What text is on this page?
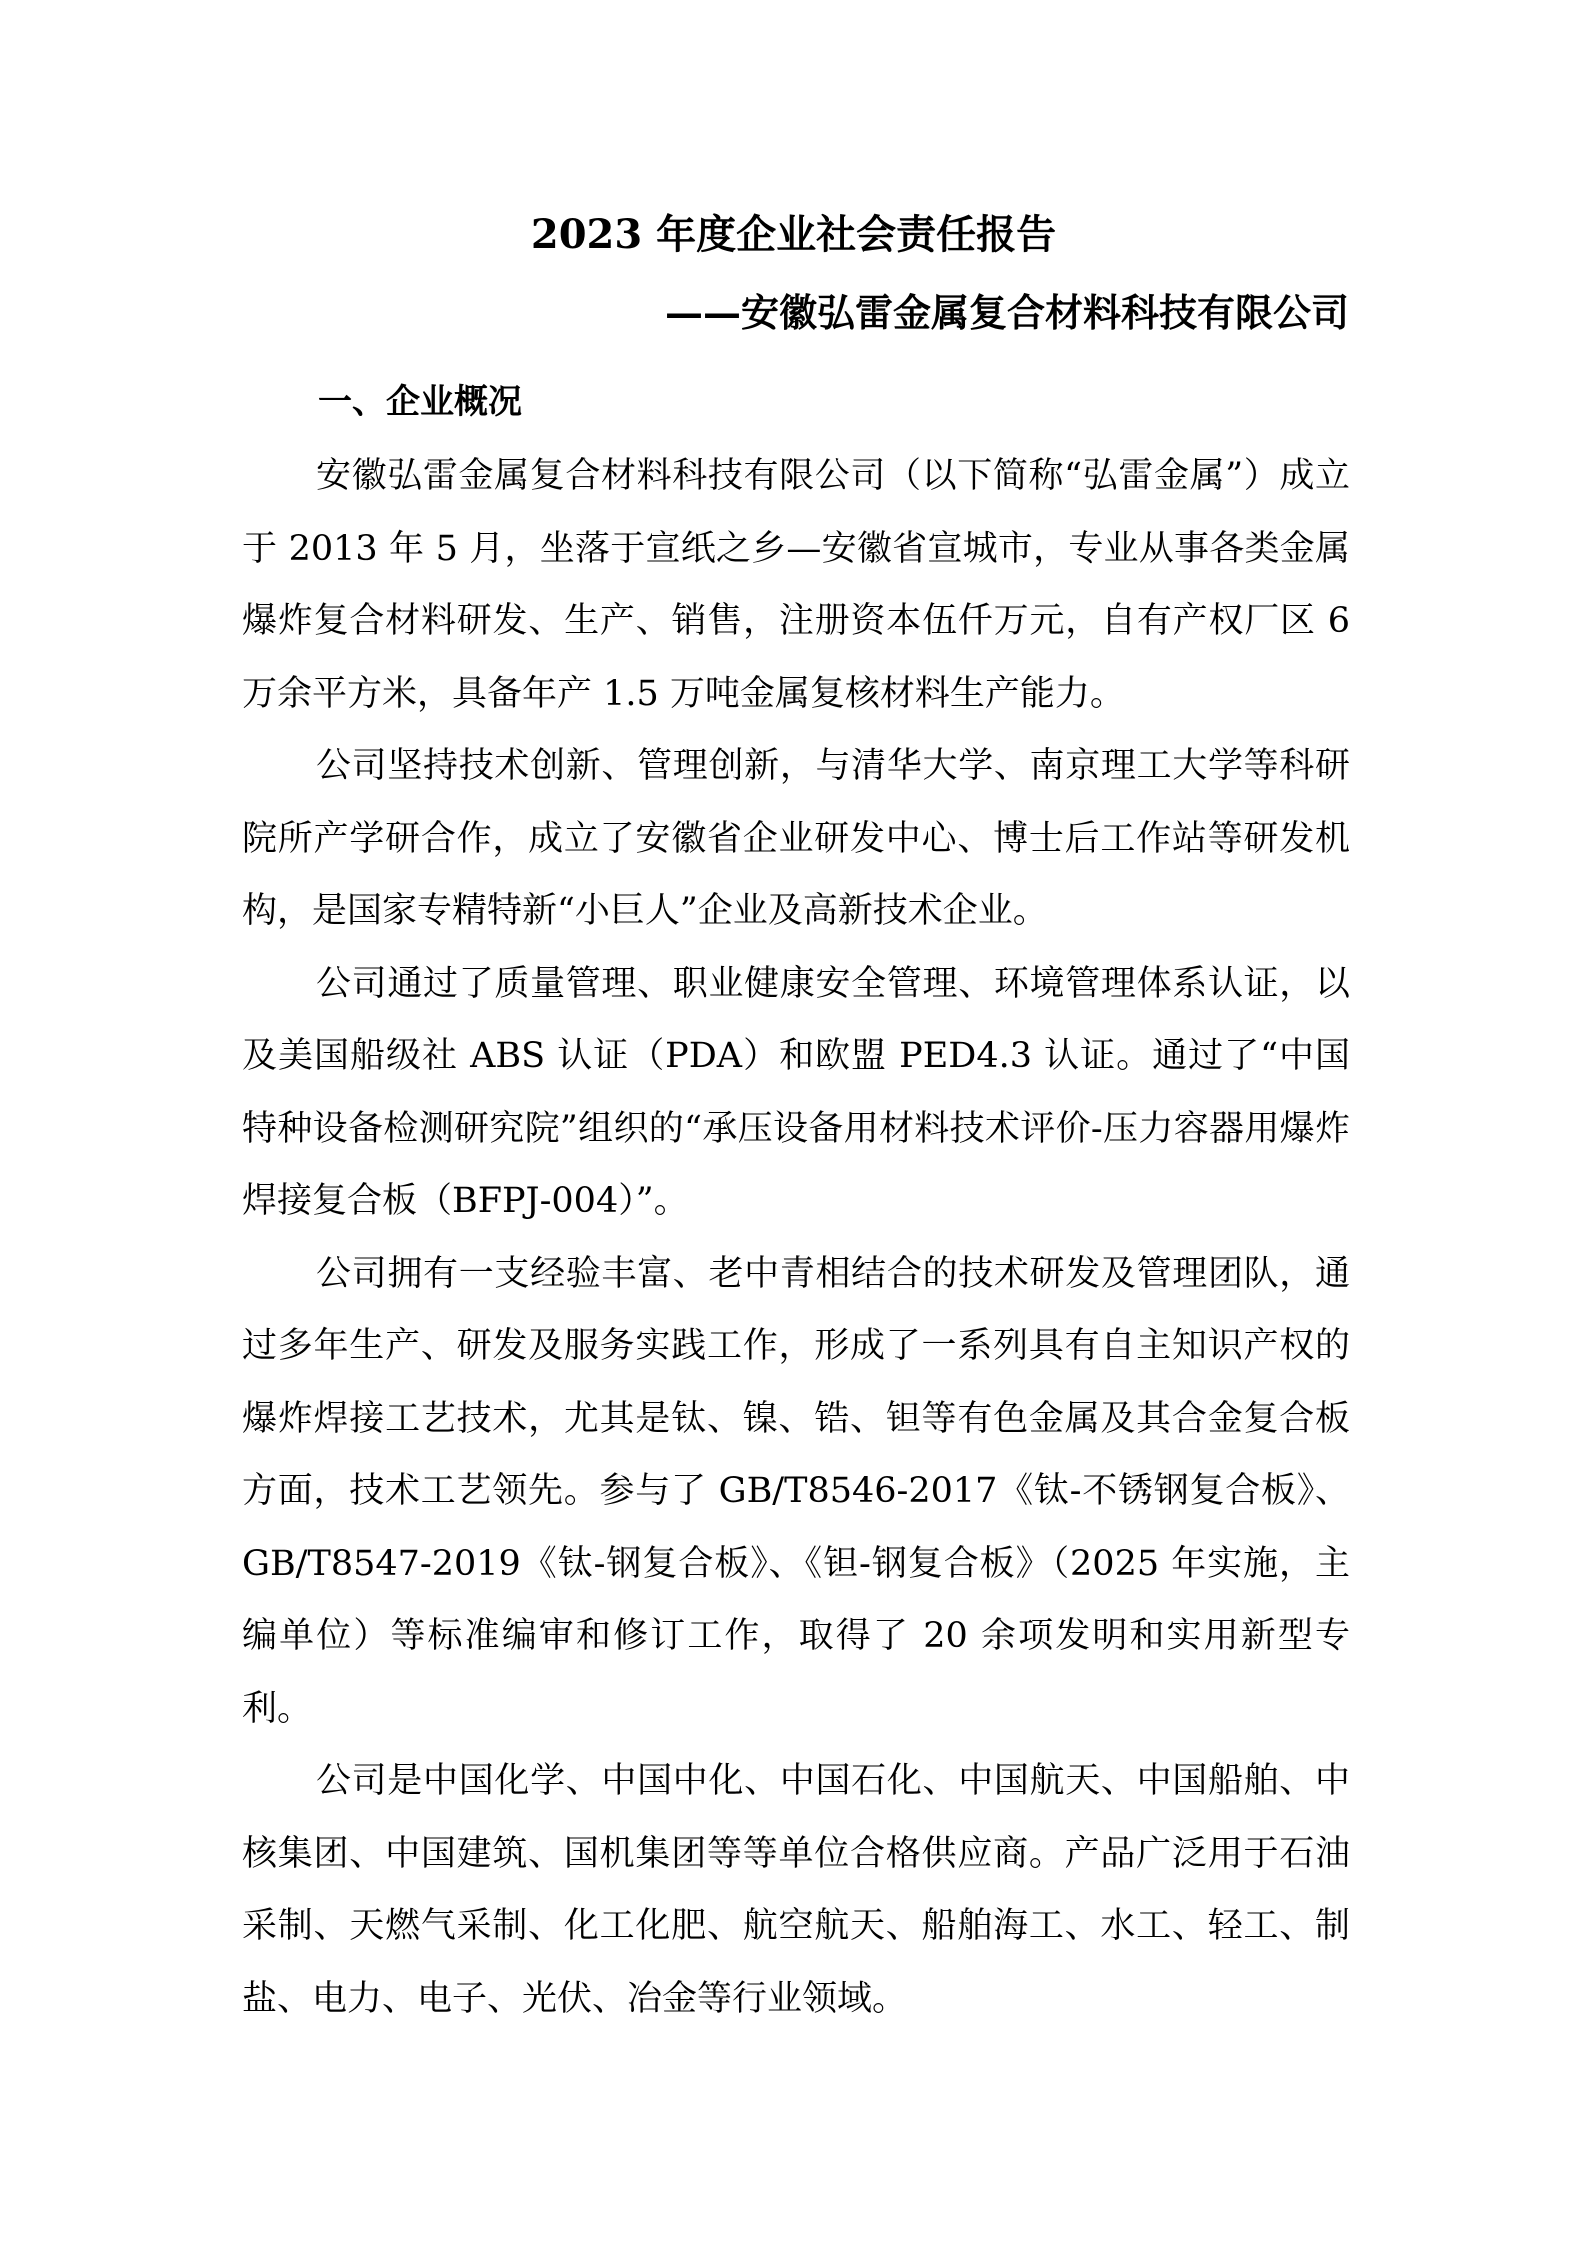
2023 年度企业社会责任报告
——安徽弘雷金属复合材料科技有限公司
一、企业概况

安徽弘雷金属复合材料科技有限公司（以下简称“弘雷金属”）成立于 2013 年 5 月，坐落于宣纸之乡—安徽省宣城市，专业从事各类金属爆炸复合材料研发、生产、销售，注册资本伍仟万元，自有产权厂区 6 万余平方米，具备年产 1.5 万吨金属复核材料生产能力。

公司坚持技术创新、管理创新，与清华大学、南京理工大学等科研院所产学研合作，成立了安徽省企业研发中心、博士后工作站等研发机构，是国家专精特新“小巨人”企业及高新技术企业。

公司通过了质量管理、职业健康安全管理、环境管理体系认证，以及美国船级社 ABS 认证（PDA）和欧盟 PED4.3 认证。通过了“中国特种设备检测研究院”组织的“承压设备用材料技术评价-压力容器用爆炸焊接复合板（BFPJ-004）”。

公司拥有一支经验丰富、老中青相结合的技术研发及管理团队，通过多年生产、研发及服务实践工作，形成了一系列具有自主知识产权的爆炸焊接工艺技术，尤其是钛、镍、锆、钽等有色金属及其合金复合板方面，技术工艺领先。参与了 GB/T8546-2017《钛-不锈钢复合板》、GB/T8547-2019《钛-钢复合板》、《钽-钢复合板》（2025 年实施，主编单位）等标准编审和修订工作，取得了 20 余项发明和实用新型专利。

公司是中国化学、中国中化、中国石化、中国航天、中国船舶、中核集团、中国建筑、国机集团等等单位合格供应商。产品广泛用于石油采制、天燃气采制、化工化肥、航空航天、船舶海工、水工、轻工、制盐、电力、电子、光伏、冶金等行业领域。
